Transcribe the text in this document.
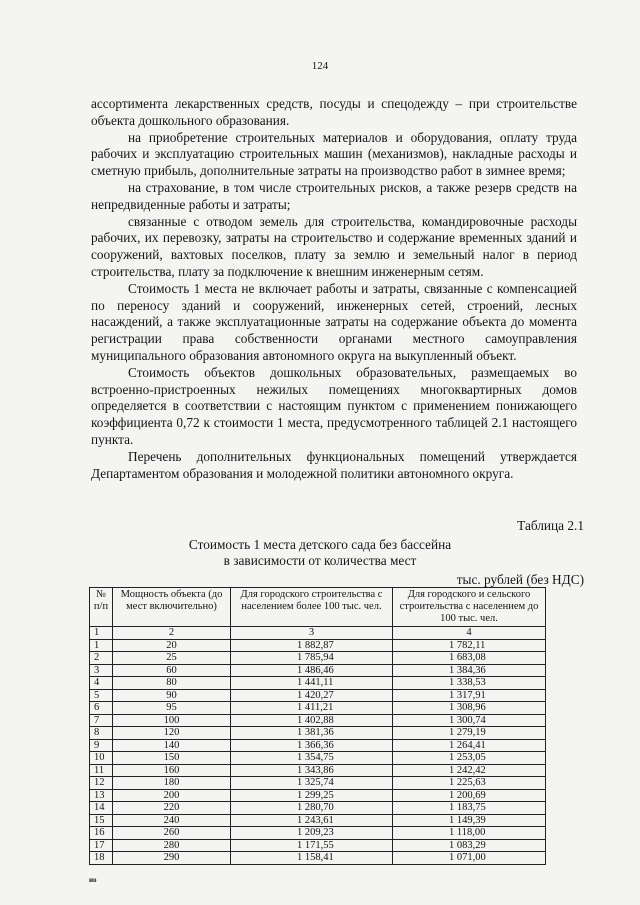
124

ассортимента лекарственных средств, посуды и спецодежду – при строительстве объекта дошкольного образования.

на приобретение строительных материалов и оборудования, оплату труда рабочих и эксплуатацию строительных машин (механизмов), накладные расходы и сметную прибыль, дополнительные затраты на производство работ в зимнее время;

на страхование, в том числе строительных рисков, а также резерв средств на непредвиденные работы и затраты;

связанные с отводом земель для строительства, командировочные расходы рабочих, их перевозку, затраты на строительство и содержание временных зданий и сооружений, вахтовых поселков, плату за землю и земельный налог в период строительства, плату за подключение к внешним инженерным сетям.

Стоимость 1 места не включает работы и затраты, связанные с компенсацией по переносу зданий и сооружений, инженерных сетей, строений, лесных насаждений, а также эксплуатационные затраты на содержание объекта до момента регистрации права собственности органами местного самоуправления муниципального образования автономного округа на выкупленный объект.

Стоимость объектов дошкольных образовательных, размещаемых во встроенно-пристроенных нежилых помещениях многоквартирных домов определяется в соответствии с настоящим пунктом с применением понижающего коэффициента 0,72 к стоимости 1 места, предусмотренного таблицей 2.1 настоящего пункта.

Перечень дополнительных функциональных помещений утверждается Департаментом образования и молодежной политики автономного округа.

Таблица 2.1
Стоимость 1 места детского сада без бассейна
в зависимости от количества мест
тыс. рублей (без НДС)
№ п/п	Мощность объекта (до мест включительно)	Для городского строительства с населением более 100 тыс. чел.	Для городского и сельского строительства с населением до 100 тыс. чел.
1	2	3	4
1	20	1 882,87	1 782,11
2	25	1 785,94	1 683,08
3	60	1 486,46	1 384,36
4	80	1 441,11	1 338,53
5	90	1 420,27	1 317,91
6	95	1 411,21	1 308,96
7	100	1 402,88	1 300,74
8	120	1 381,36	1 279,19
9	140	1 366,36	1 264,41
10	150	1 354,75	1 253,05
11	160	1 343,86	1 242,42
12	180	1 325,74	1 225,63
13	200	1 299,25	1 200,69
14	220	1 280,70	1 183,75
15	240	1 243,61	1 149,39
16	260	1 209,23	1 118,00
17	280	1 171,55	1 083,29
18	290	1 158,41	1 071,00
ио
